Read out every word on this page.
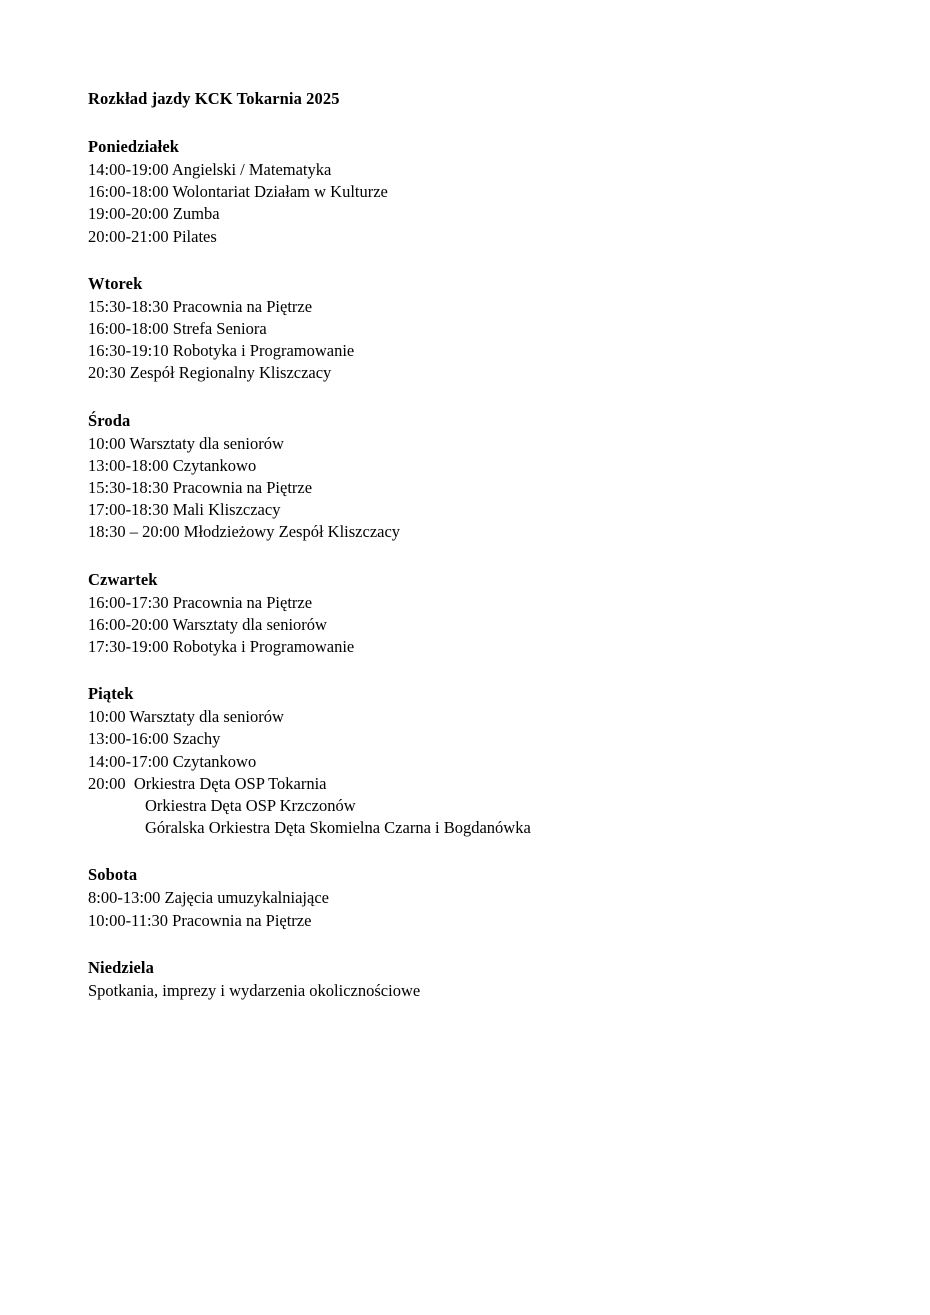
Rozkład jazdy KCK Tokarnia 2025
Poniedziałek

14:00-19:00 Angielski / Matematyka

16:00-18:00 Wolontariat Działam w Kulturze

19:00-20:00 Zumba

20:00-21:00 Pilates

Wtorek

15:30-18:30 Pracownia na Piętrze

16:00-18:00 Strefa Seniora

16:30-19:10 Robotyka i Programowanie

20:30 Zespół Regionalny Kliszczacy

Środa

10:00 Warsztaty dla seniorów

13:00-18:00 Czytankowo

15:30-18:30 Pracownia na Piętrze

17:00-18:30 Mali Kliszczacy

18:30 – 20:00 Młodzieżowy Zespół Kliszczacy

Czwartek

16:00-17:30 Pracownia na Piętrze

16:00-20:00 Warsztaty dla seniorów

17:30-19:00 Robotyka i Programowanie

Piątek

10:00 Warsztaty dla seniorów

13:00-16:00 Szachy

14:00-17:00 Czytankowo

20:00  Orkiestra Dęta OSP Tokarnia

Orkiestra Dęta OSP Krzczonów

Góralska Orkiestra Dęta Skomielna Czarna i Bogdanówka

Sobota

8:00-13:00 Zajęcia umuzykalniające

10:00-11:30 Pracownia na Piętrze

Niedziela

Spotkania, imprezy i wydarzenia okolicznościowe
